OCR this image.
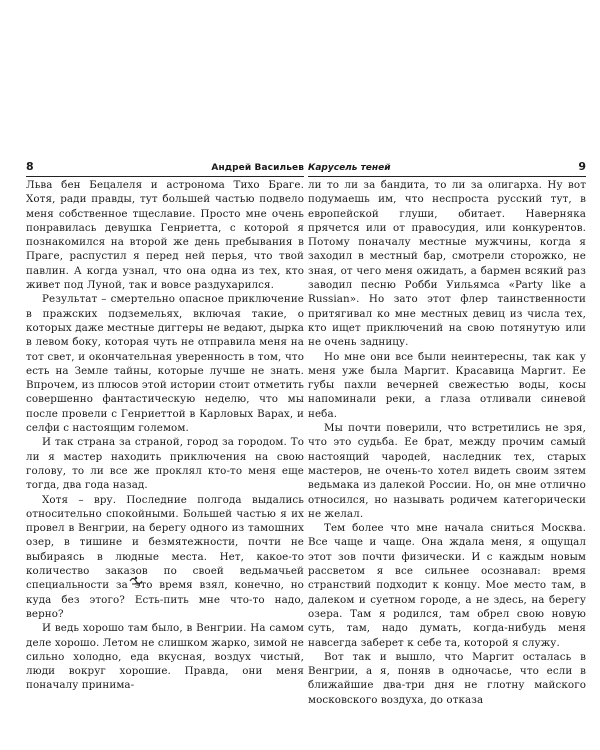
8	Андрей Васильев

Льва бен Бецалеля и астронома Тихо Браге. Хотя, ради правды, тут большей частью подвело меня собственное тщеславие. Просто мне очень понравилась девушка Генриетта, с которой я познакомился на второй же день пребывания в Праге, распустил я перед ней перья, что твой павлин. А когда узнал, что она одна из тех, кто живет под Луной, так и вовсе раздухарился.

Результат – смертельно опасное приключение в пражских подземельях, включая такие, о которых даже местные диггеры не ведают, дырка в левом боку, которая чуть не отправила меня на тот свет, и окончательная уверенность в том, что есть на Земле тайны, которые лучше не знать. Впрочем, из плюсов этой истории стоит отметить совершенно фантастическую неделю, что мы после провели с Генриеттой в Карловых Варах, и селфи с настоящим големом.

И так страна за страной, город за городом. То ли я мастер находить приключения на свою голову, то ли все же проклял кто-то меня еще тогда, два года назад.

Хотя – вру. Последние полгода выдались относительно спокойными. Большей частью я их провел в Венгрии, на берегу одного из тамошних озер, в тишине и безмятежности, почти не выбираясь в людные места. Нет, какое-то количество заказов по своей ведьмачьей специальности за это время взял, конечно, но куда без этого? Есть-пить мне что-то надо, верно?

И ведь хорошо там было, в Венгрии. На самом деле хорошо. Летом не слишком жарко, зимой не сильно холодно, еда вкусная, воздух чистый, люди вокруг хорошие. Правда, они меня поначалу принима-

Карусель теней	9

ли то ли за бандита, то ли за олигарха. Ну вот подумаешь им, что неспроста русский тут, в европейской глуши, обитает. Наверняка прячется или от правосудия, или конкурентов. Потому поначалу местные мужчины, когда я заходил в местный бар, смотрели сторожко, не зная, от чего меня ожидать, а бармен всякий раз заводил песню Робби Уильямса «Party like a Russian». Но зато этот флер таинственности притягивал ко мне местных девиц из числа тех, кто ищет приключений на свою потянутую или не очень задницу.

Но мне они все были неинтересны, так как у меня уже была Маргит. Красавица Маргит. Ее губы пахли вечерней свежестью воды, косы напоминали реки, а глаза отливали синевой неба.

Мы почти поверили, что встретились не зря, что это судьба. Ее брат, между прочим самый настоящий чародей, наследник тех, старых мастеров, не очень-то хотел видеть своим зятем ведьмака из далекой России. Но, он мне отлично относился, но называть родичем категорически не желал.

Тем более что мне начала сниться Москва. Все чаще и чаще. Она ждала меня, я ощущал этот зов почти физически. И с каждым новым рассветом я все сильнее осознавал: время странствий подходит к концу. Мое место там, в далеком и суетном городе, а не здесь, на берегу озера. Там я родился, там обрел свою новую суть, там, надо думать, когда-нибудь меня навсегда заберет к себе та, которой я служу.

Вот так и вышло, что Маргит осталась в Венгрии, а я, поняв в одночасье, что если в ближайшие два-три дня не глотну майского московского воздуха, до отказа
